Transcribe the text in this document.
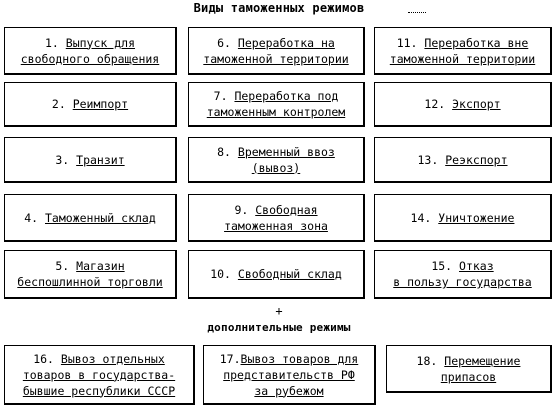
Виды таможенных режимов
1. Выпуск для
свободного обращения
2. Реимпорт
3. Транзит
4. Таможенный склад
5. Магазин
беспошлинной торговли
6. Переработка на
таможенной территории
7. Переработка под
таможенным контролем
8. Временный ввоз
(вывоз)
9. Свободная
таможенная зона
10. Свободный склад
11. Переработка вне
таможенной территории
12. Экспорт
13. Реэкспорт
14. Уничтожение
15. Отказ
в пользу государства
+
дополнительные режимы
16. Вывоз отдельных
товаров в государства-
бывшие республики СССР
17.Вывоз товаров для
представительств РФ
за рубежом
18. Перемещение
припасов
